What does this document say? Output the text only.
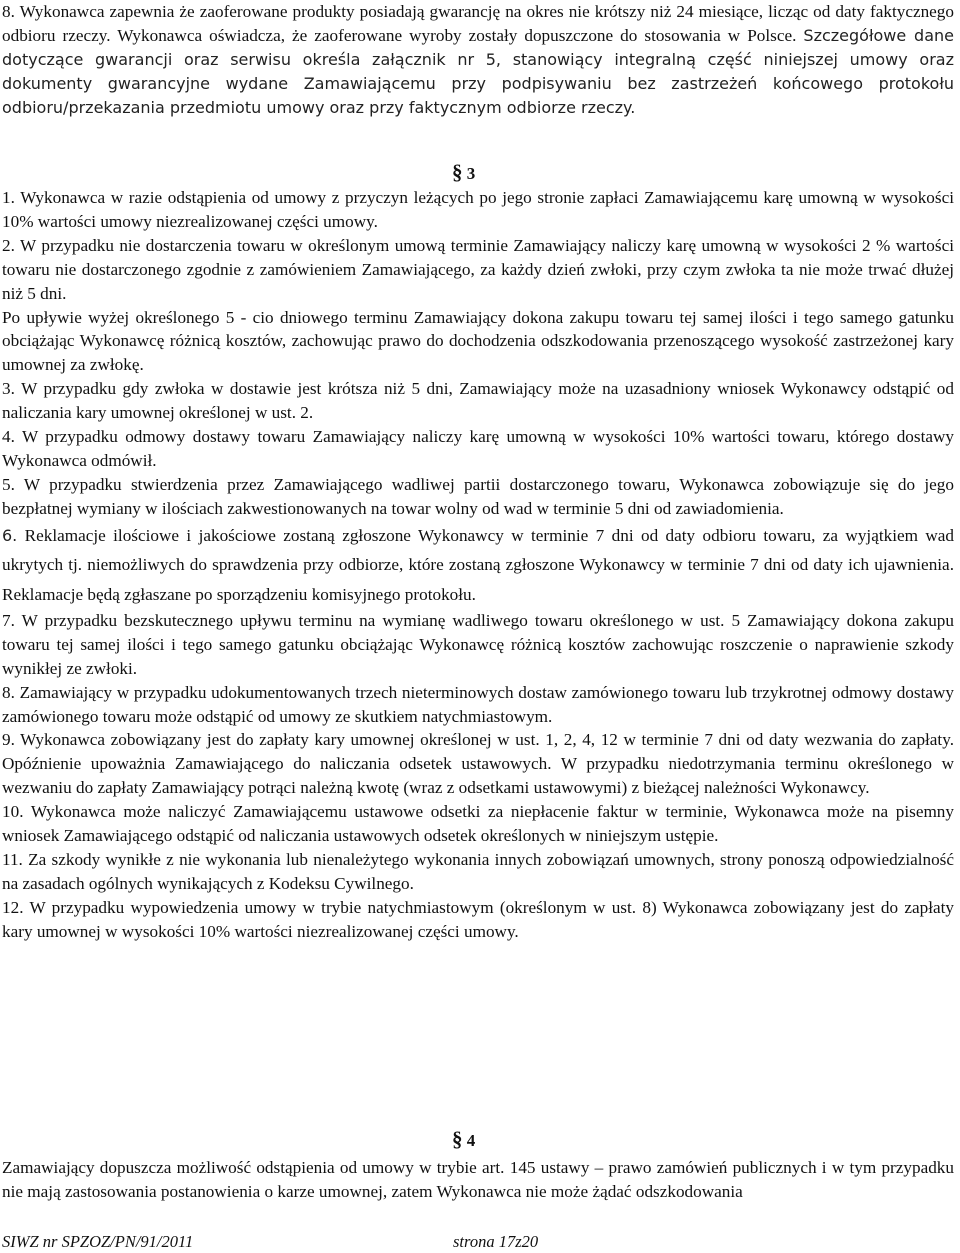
8. Wykonawca zapewnia że zaoferowane produkty posiadają gwarancję na okres nie krótszy niż 24 miesiące, licząc od daty faktycznego odbioru rzeczy. Wykonawca oświadcza, że zaoferowane wyroby zostały dopuszczone do stosowania w Polsce. Szczegółowe dane dotyczące gwarancji oraz serwisu określa załącznik nr 5, stanowiący integralną część niniejszej umowy oraz dokumenty gwarancyjne wydane Zamawiającemu przy podpisywaniu bez zastrzeżeń końcowego protokołu odbioru/przekazania przedmiotu umowy oraz przy faktycznym odbiorze rzeczy.

§ 3

1. Wykonawca w razie odstąpienia od umowy z przyczyn leżących po jego stronie zapłaci Zamawiającemu karę umowną w wysokości 10% wartości umowy niezrealizowanej części umowy.

2. W przypadku nie dostarczenia towaru w określonym umową terminie Zamawiający naliczy karę umowną w wysokości 2 % wartości towaru nie dostarczonego zgodnie z zamówieniem Zamawiającego, za każdy dzień zwłoki, przy czym zwłoka ta nie może trwać dłużej niż 5 dni.

Po upływie wyżej określonego 5 - cio dniowego terminu Zamawiający dokona zakupu towaru tej samej ilości i tego samego gatunku obciążając Wykonawcę różnicą kosztów, zachowując prawo do dochodzenia odszkodowania przenoszącego wysokość zastrzeżonej kary umownej za zwłokę.

3. W przypadku gdy zwłoka w dostawie jest krótsza niż 5 dni, Zamawiający może na uzasadniony wniosek Wykonawcy odstąpić od naliczania kary umownej określonej w ust. 2.

4. W przypadku odmowy dostawy towaru Zamawiający naliczy karę umowną w wysokości 10% wartości towaru, którego dostawy Wykonawca odmówił.

5. W przypadku stwierdzenia przez Zamawiającego wadliwej partii dostarczonego towaru, Wykonawca zobowiązuje się do jego bezpłatnej wymiany w ilościach zakwestionowanych na towar wolny od wad w terminie 5 dni od zawiadomienia.

6. Reklamacje ilościowe i jakościowe zostaną zgłoszone Wykonawcy w terminie 7 dni od daty odbioru towaru, za wyjątkiem wad ukrytych tj. niemożliwych do sprawdzenia przy odbiorze, które zostaną zgłoszone Wykonawcy w terminie 7 dni od daty ich ujawnienia. Reklamacje będą zgłaszane po sporządzeniu komisyjnego protokołu.

7. W przypadku bezskutecznego upływu terminu na wymianę wadliwego towaru określonego w ust. 5 Zamawiający dokona zakupu towaru tej samej ilości i tego samego gatunku obciążając Wykonawcę różnicą kosztów zachowując roszczenie o naprawienie szkody wynikłej ze zwłoki.

8. Zamawiający w przypadku udokumentowanych trzech nieterminowych dostaw zamówionego towaru lub trzykrotnej odmowy dostawy zamówionego towaru może odstąpić od umowy ze skutkiem natychmiastowym.

9. Wykonawca zobowiązany jest do zapłaty kary umownej określonej w ust. 1, 2, 4, 12 w terminie 7 dni od daty wezwania do zapłaty. Opóźnienie upoważnia Zamawiającego do naliczania odsetek ustawowych. W przypadku niedotrzymania terminu określonego w wezwaniu do zapłaty Zamawiający potrąci należną kwotę (wraz z odsetkami ustawowymi) z bieżącej należności Wykonawcy.

10. Wykonawca może naliczyć Zamawiającemu ustawowe odsetki za niepłacenie faktur w terminie, Wykonawca może na pisemny wniosek Zamawiającego odstąpić od naliczania ustawowych odsetek określonych w niniejszym ustępie.

11. Za szkody wynikłe z nie wykonania lub nienależytego wykonania innych zobowiązań umownych, strony ponoszą odpowiedzialność na zasadach ogólnych wynikających z Kodeksu Cywilnego.

12. W przypadku wypowiedzenia umowy w trybie natychmiastowym (określonym w ust. 8) Wykonawca zobowiązany jest do zapłaty kary umownej w wysokości 10% wartości niezrealizowanej części umowy.

§ 4

Zamawiający dopuszcza możliwość odstąpienia od umowy w trybie art. 145 ustawy – prawo zamówień publicznych i w tym przypadku nie mają zastosowania postanowienia o karze umownej, zatem Wykonawca nie może żądać odszkodowania

SIWZ nr SPZOZ/PN/91/2011	strona 17z20
